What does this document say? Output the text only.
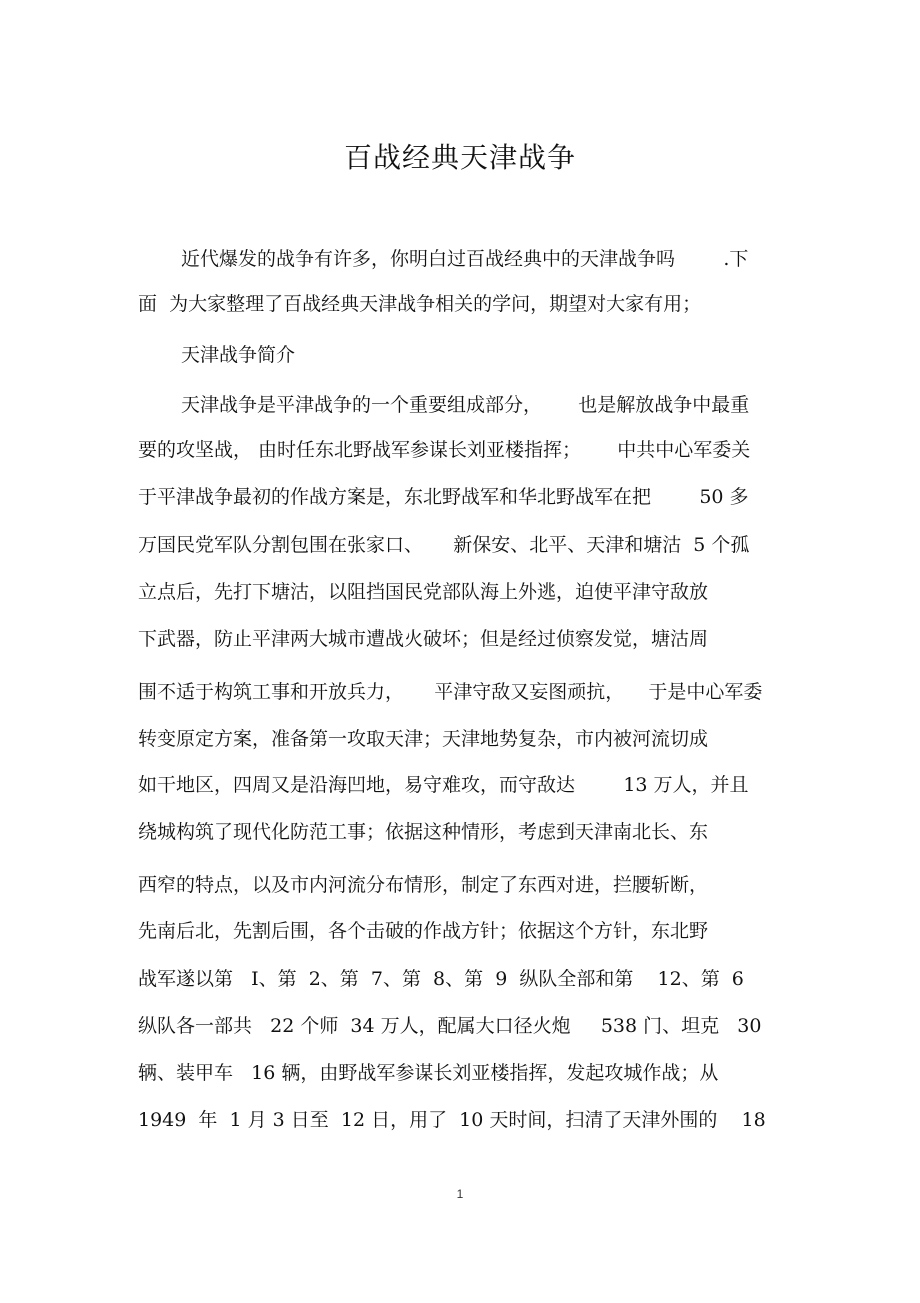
百战经典天津战争
近代爆发的战争有许多，你明白过百战经典中的天津战争吗        .下
面  为大家整理了百战经典天津战争相关的学问，期望对大家有用；
天津战争简介
天津战争是平津战争的一个重要组成部分，      也是解放战争中最重
要的攻坚战， 由时任东北野战军参谋长刘亚楼指挥；      中共中心军委关
于平津战争最初的作战方案是，东北野战军和华北野战军在把        50 多
万国民党军队分割包围在张家口、     新保安、北平、天津和塘沽  5 个孤
立点后，先打下塘沽，以阻挡国民党部队海上外逃，迫使平津守敌放
下武器，防止平津两大城市遭战火破坏；但是经过侦察发觉，塘沽周
围不适于构筑工事和开放兵力，     平津守敌又妄图顽抗，    于是中心军委
转变原定方案，准备第一攻取天津；天津地势复杂，市内被河流切成
如干地区，四周又是沿海凹地，易守难攻，而守敌达        13 万人，并且
绕城构筑了现代化防范工事；依据这种情形，考虑到天津南北长、东
西窄的特点，以及市内河流分布情形，制定了东西对进，拦腰斩断，
先南后北，先割后围，各个击破的作战方针；依据这个方针，东北野
战军遂以第   I、第  2、第  7、第  8、第  9  纵队全部和第    12、第  6
纵队各一部共   22 个师  34 万人，配属大口径火炮     538 门、坦克   30
辆、装甲车   16 辆，由野战军参谋长刘亚楼指挥，发起攻城作战；从
1949  年  1 月 3 日至  12 日，用了  10 天时间，扫清了天津外围的    18
1
